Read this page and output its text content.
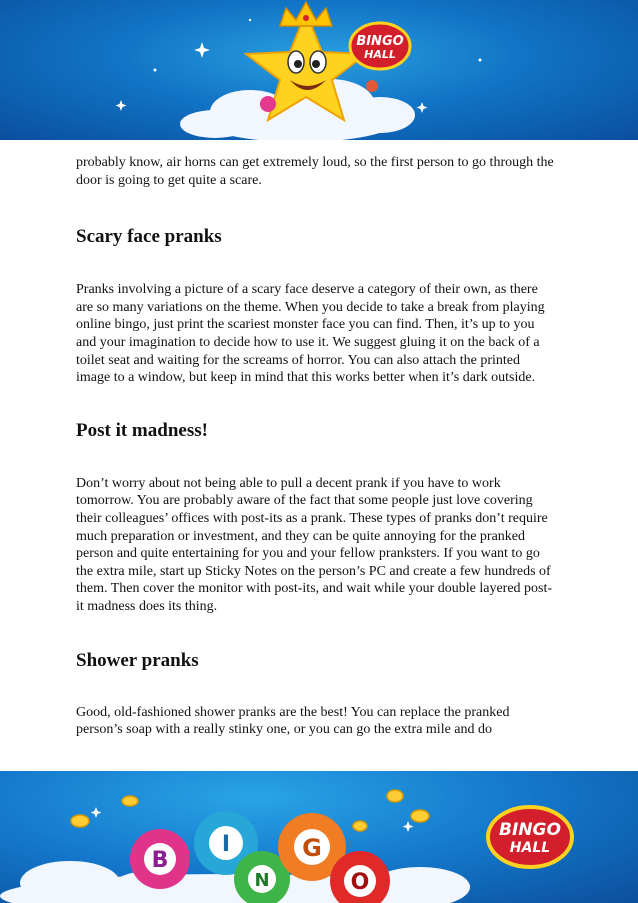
BINGO
HALL

probably know, air horns can get extremely loud, so the first person to go through the door is going to get quite a scare.

Scary face pranks

Pranks involving a picture of a scary face deserve a category of their own, as there are so many variations on the theme. When you decide to take a break from playing online bingo, just print the scariest monster face you can find. Then, it’s up to you and your imagination to decide how to use it. We suggest gluing it on the back of a toilet seat and waiting for the screams of horror. You can also attach the printed image to a window, but keep in mind that this works better when it’s dark outside.

Post it madness!

Don’t worry about not being able to pull a decent prank if you have to work tomorrow. You are probably aware of the fact that some people just love covering their colleagues’ offices with post-its as a prank. These types of pranks don’t require much preparation or investment, and they can be quite annoying for the pranked person and quite entertaining for you and your fellow pranksters. If you want to go the extra mile, start up Sticky Notes on the person’s PC and create a few hundreds of them. Then cover the monitor with post-its, and wait while your double layered post-it madness does its thing.

Shower pranks

Good, old-fashioned shower pranks are the best! You can replace the pranked person’s soap with a really stinky one, or you can go the extra mile and do

B
I
N
G
O
BINGO
HALL
